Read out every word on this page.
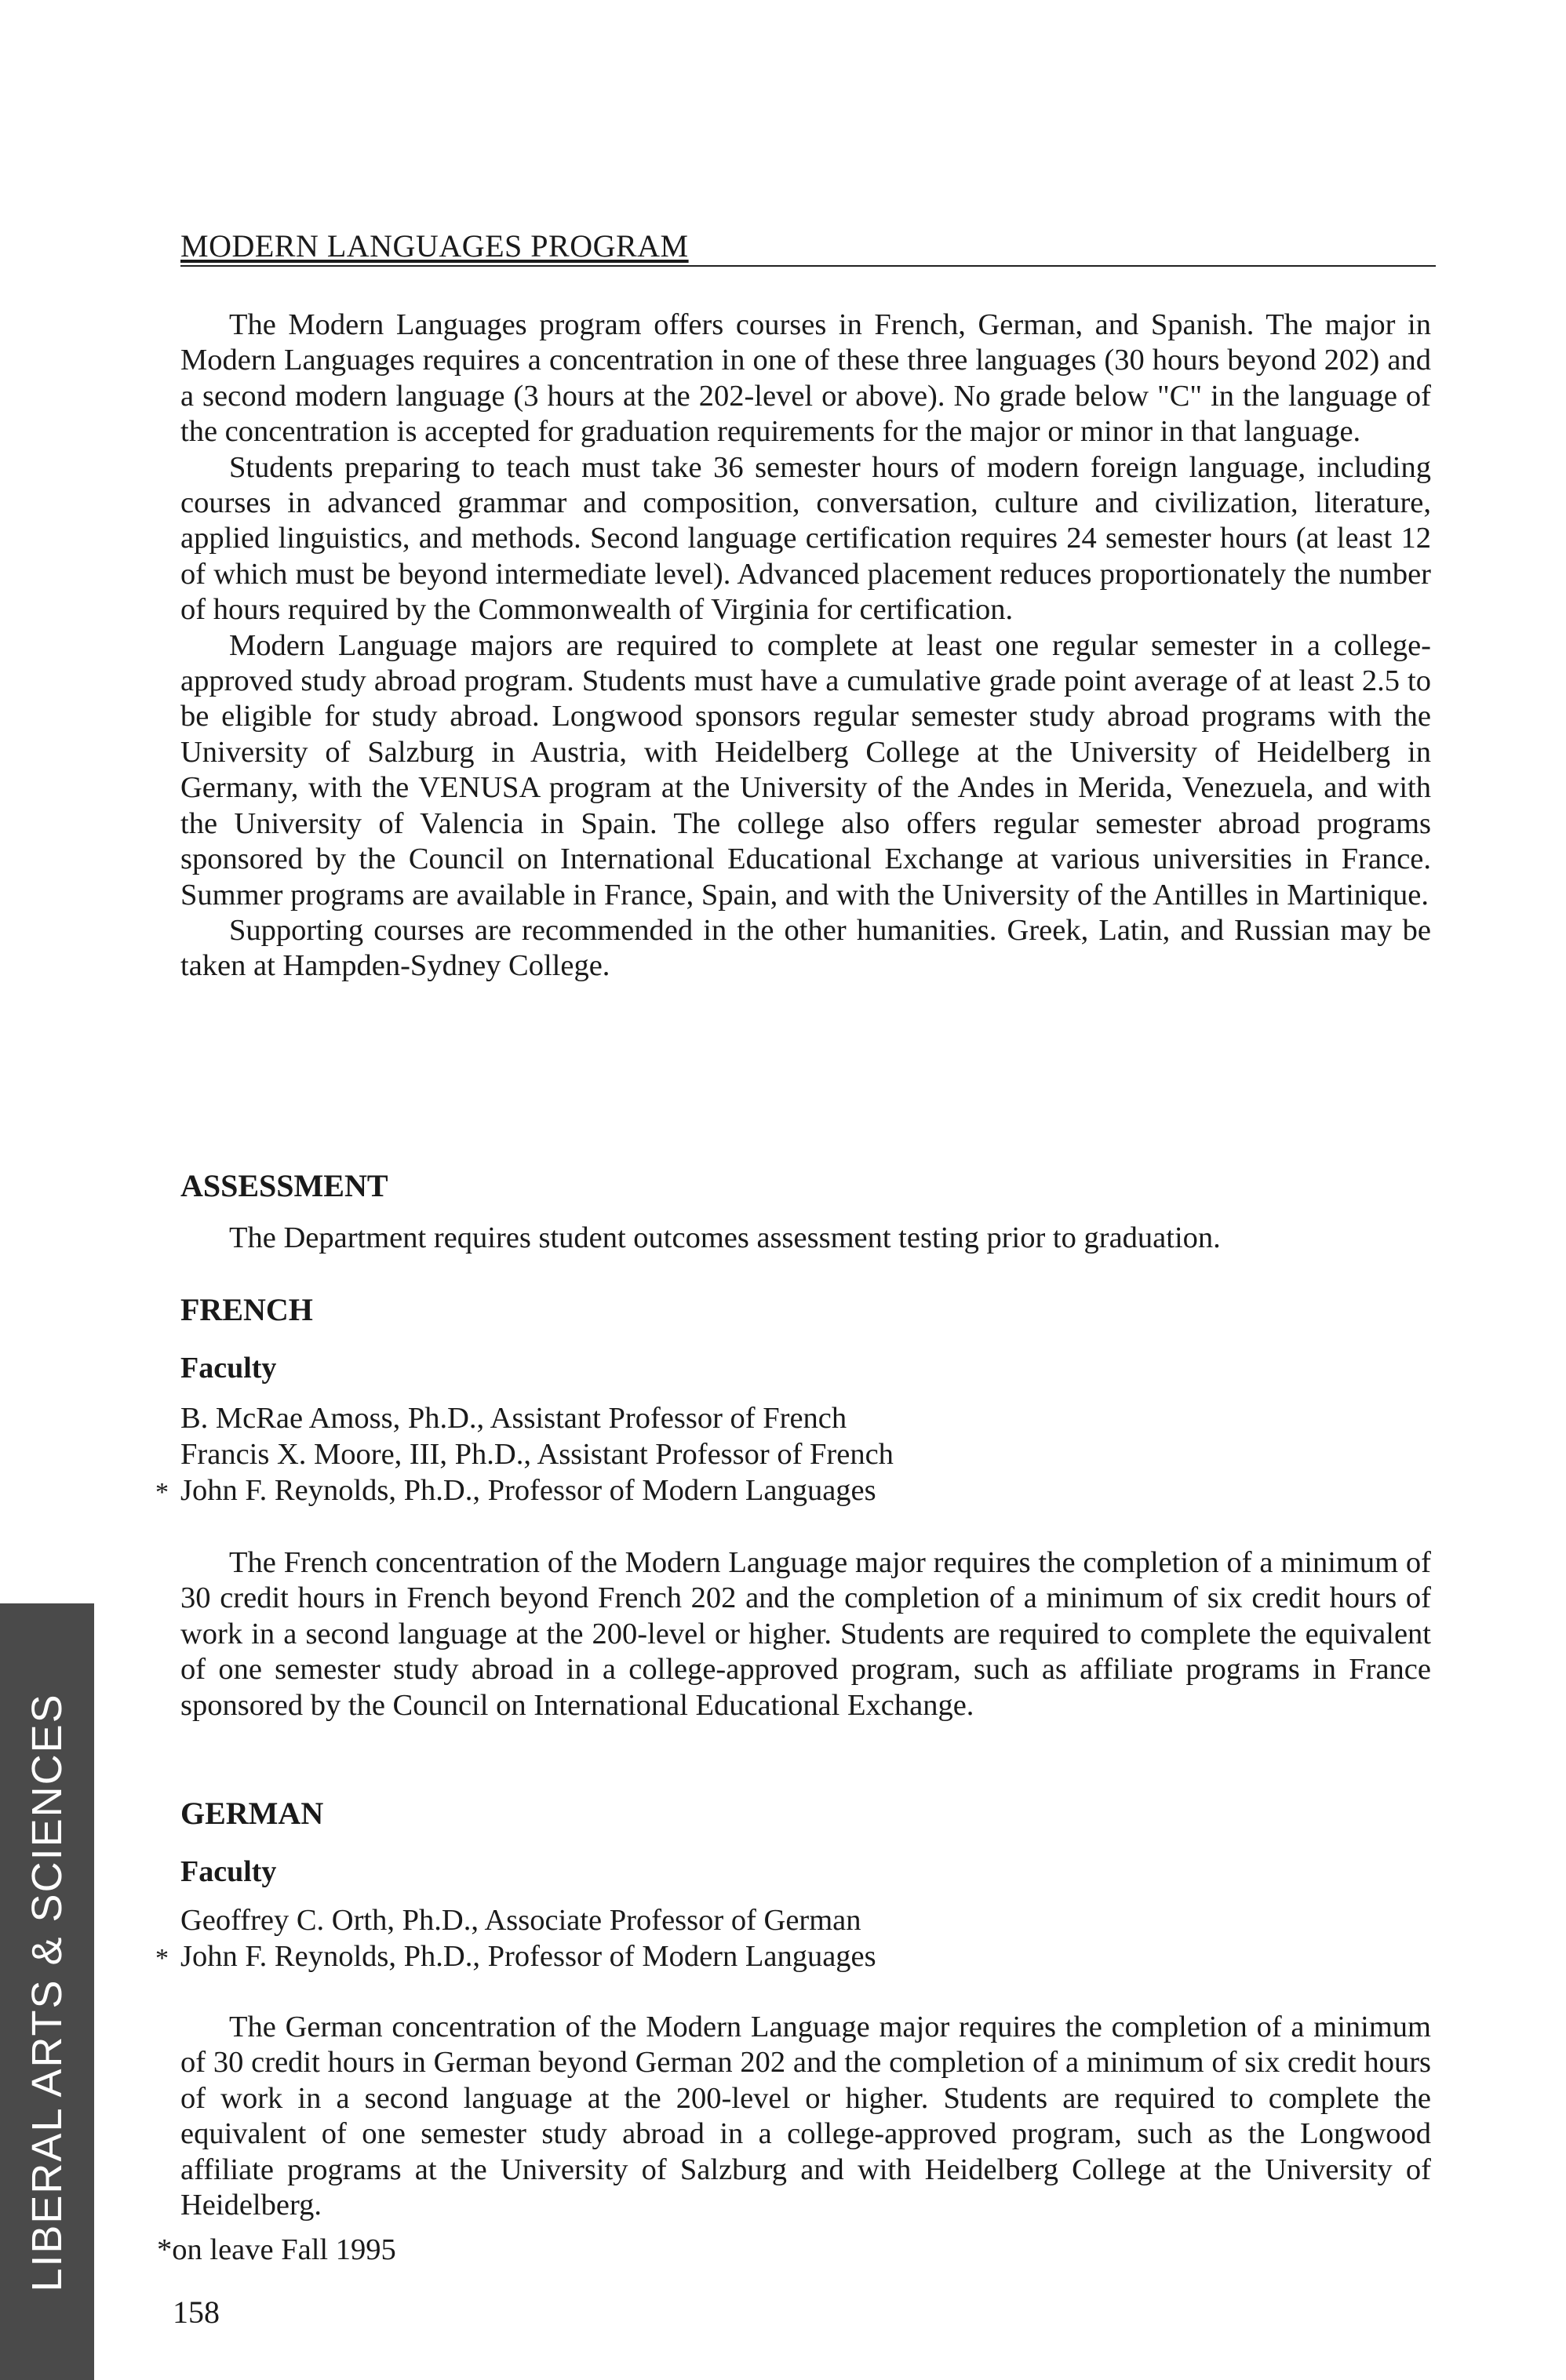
MODERN LANGUAGES PROGRAM

The Modern Languages program offers courses in French, German, and Spanish. The major in Modern Languages requires a concentration in one of these three languages (30 hours beyond 202) and a second modern language (3 hours at the 202-level or above). No grade below "C" in the language of the concentration is accepted for graduation requirements for the major or minor in that language.

Students preparing to teach must take 36 semester hours of modern foreign language, including courses in advanced grammar and composition, conversation, culture and civilization, literature, applied linguistics, and methods. Second language certification requires 24 semester hours (at least 12 of which must be beyond intermediate level). Advanced placement reduces proportionately the number of hours required by the Commonwealth of Virginia for certification.

Modern Language majors are required to complete at least one regular semester in a college-approved study abroad program. Students must have a cumulative grade point average of at least 2.5 to be eligible for study abroad. Longwood sponsors regular semester study abroad programs with the University of Salzburg in Austria, with Heidelberg College at the University of Heidelberg in Germany, with the VENUSA program at the University of the Andes in Merida, Venezuela, and with the University of Valencia in Spain. The college also offers regular semester abroad programs sponsored by the Council on International Educational Exchange at various universities in France. Summer programs are available in France, Spain, and with the University of the Antilles in Martinique.

Supporting courses are recommended in the other humanities. Greek, Latin, and Russian may be taken at Hampden-Sydney College.

ASSESSMENT

The Department requires student outcomes assessment testing prior to graduation.

FRENCH
Faculty
B. McRae Amoss, Ph.D., Assistant Professor of French
Francis X. Moore, III, Ph.D., Assistant Professor of French
* John F. Reynolds, Ph.D., Professor of Modern Languages

The French concentration of the Modern Language major requires the completion of a minimum of 30 credit hours in French beyond French 202 and the completion of a minimum of six credit hours of work in a second language at the 200-level or higher. Students are required to complete the equivalent of one semester study abroad in a college-approved program, such as affiliate programs in France sponsored by the Council on International Educational Exchange.

GERMAN
Faculty
Geoffrey C. Orth, Ph.D., Associate Professor of German
* John F. Reynolds, Ph.D., Professor of Modern Languages

The German concentration of the Modern Language major requires the completion of a minimum of 30 credit hours in German beyond German 202 and the completion of a minimum of six credit hours of work in a second language at the 200-level or higher. Students are required to complete the equivalent of one semester study abroad in a college-approved program, such as the Longwood affiliate programs at the University of Salzburg and with Heidelberg College at the University of Heidelberg.

*on leave Fall 1995
158
LIBERAL ARTS & SCIENCES
